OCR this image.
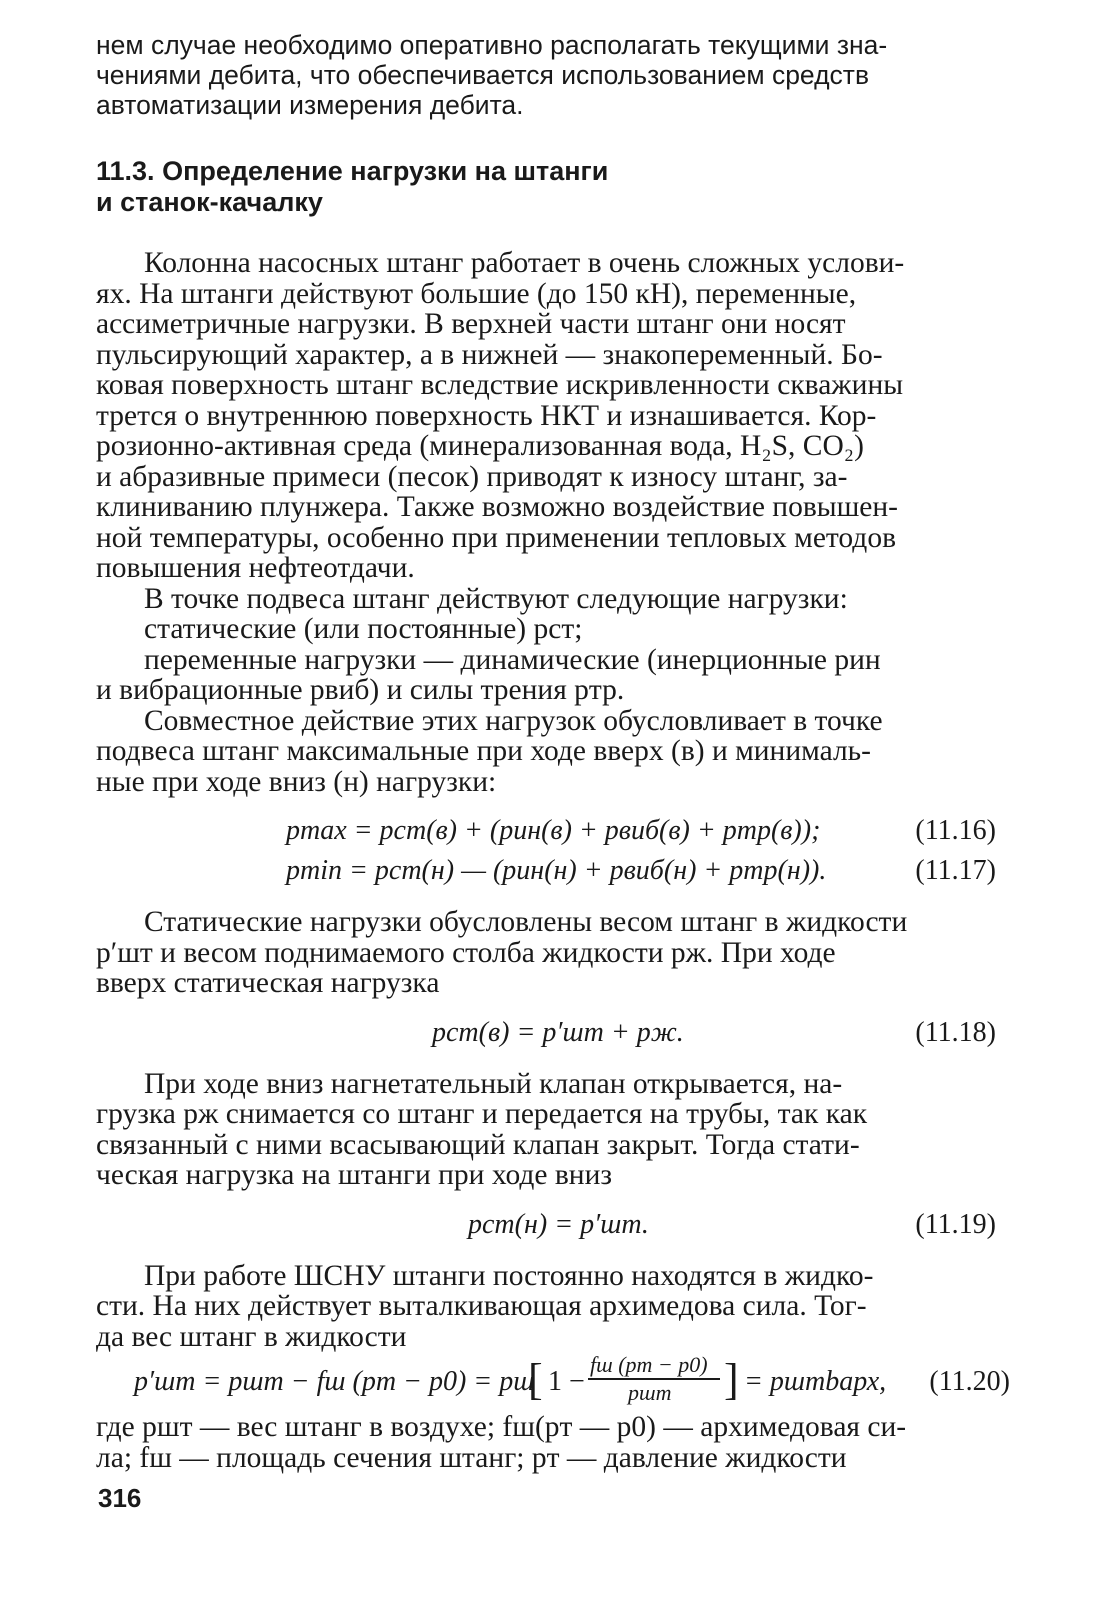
нем случае необходимо оперативно располагать текущими зна-
чениями дебита, что обеспечивается использованием средств
автоматизации измерения дебита.

11.3. Определение нагрузки на штанги
и станок-качалку

Колонна насосных штанг работает в очень сложных услови-

ях. На штанги действуют большие (до 150 кН), переменные,
ассиметричные нагрузки. В верхней части штанг они носят
пульсирующий характер, а в нижней — знакопеременный. Бо-
ковая поверхность штанг вследствие искривленности скважины
трется о внутреннюю поверхность НКТ и изнашивается. Кор-
розионно-активная среда (минерализованная вода, H₂S, CO₂)
и абразивные примеси (песок) приводят к износу штанг, за-
клиниванию плунжера. Также возможно воздействие повышен-
ной температуры, особенно при применении тепловых методов
повышения нефтеотдачи.

В точке подвеса штанг действуют следующие нагрузки:

статические (или постоянные) pст;

переменные нагрузки — динамические (инерционные pин
и вибрационные pвиб) и силы трения pтр.

Совместное действие этих нагрузок обусловливает в точке
подвеса штанг максимальные при ходе вверх (в) и минималь-
ные при ходе вниз (н) нагрузки:

pmax = pст(в) + (pин(в) + pвиб(в) + pтр(в));	(11.16)
pmin = pст(н) — (pин(н) + pвиб(н) + pтр(н)).	(11.17)

Статические нагрузки обусловлены весом штанг в жидкости
p′шт и весом поднимаемого столба жидкости pж. При ходе
вверх статическая нагрузка

pст(в) = p′шт + pж.	(11.18)

При ходе вниз нагнетательный клапан открывается, на-
грузка pж снимается со штанг и передается на трубы, так как
связанный с ними всасывающий клапан закрыт. Тогда стати-
ческая нагрузка на штанги при ходе вниз

pст(н) = p′шт.	(11.19)

При работе ШСНУ штанги постоянно находятся в жидко-
сти. На них действует выталкивающая архимедова сила. Тог-
да вес штанг в жидкости

p′шт = pшт − fш (pт − p0) = pш
[ 1 −
fш (pт − p0)
pшт ] = pштbарх, (11.20)

где pшт — вес штанг в воздухе; fш(pт — p0) — архимедовая си-
ла; fш — площадь сечения штанг; pт — давление жидкости

316
